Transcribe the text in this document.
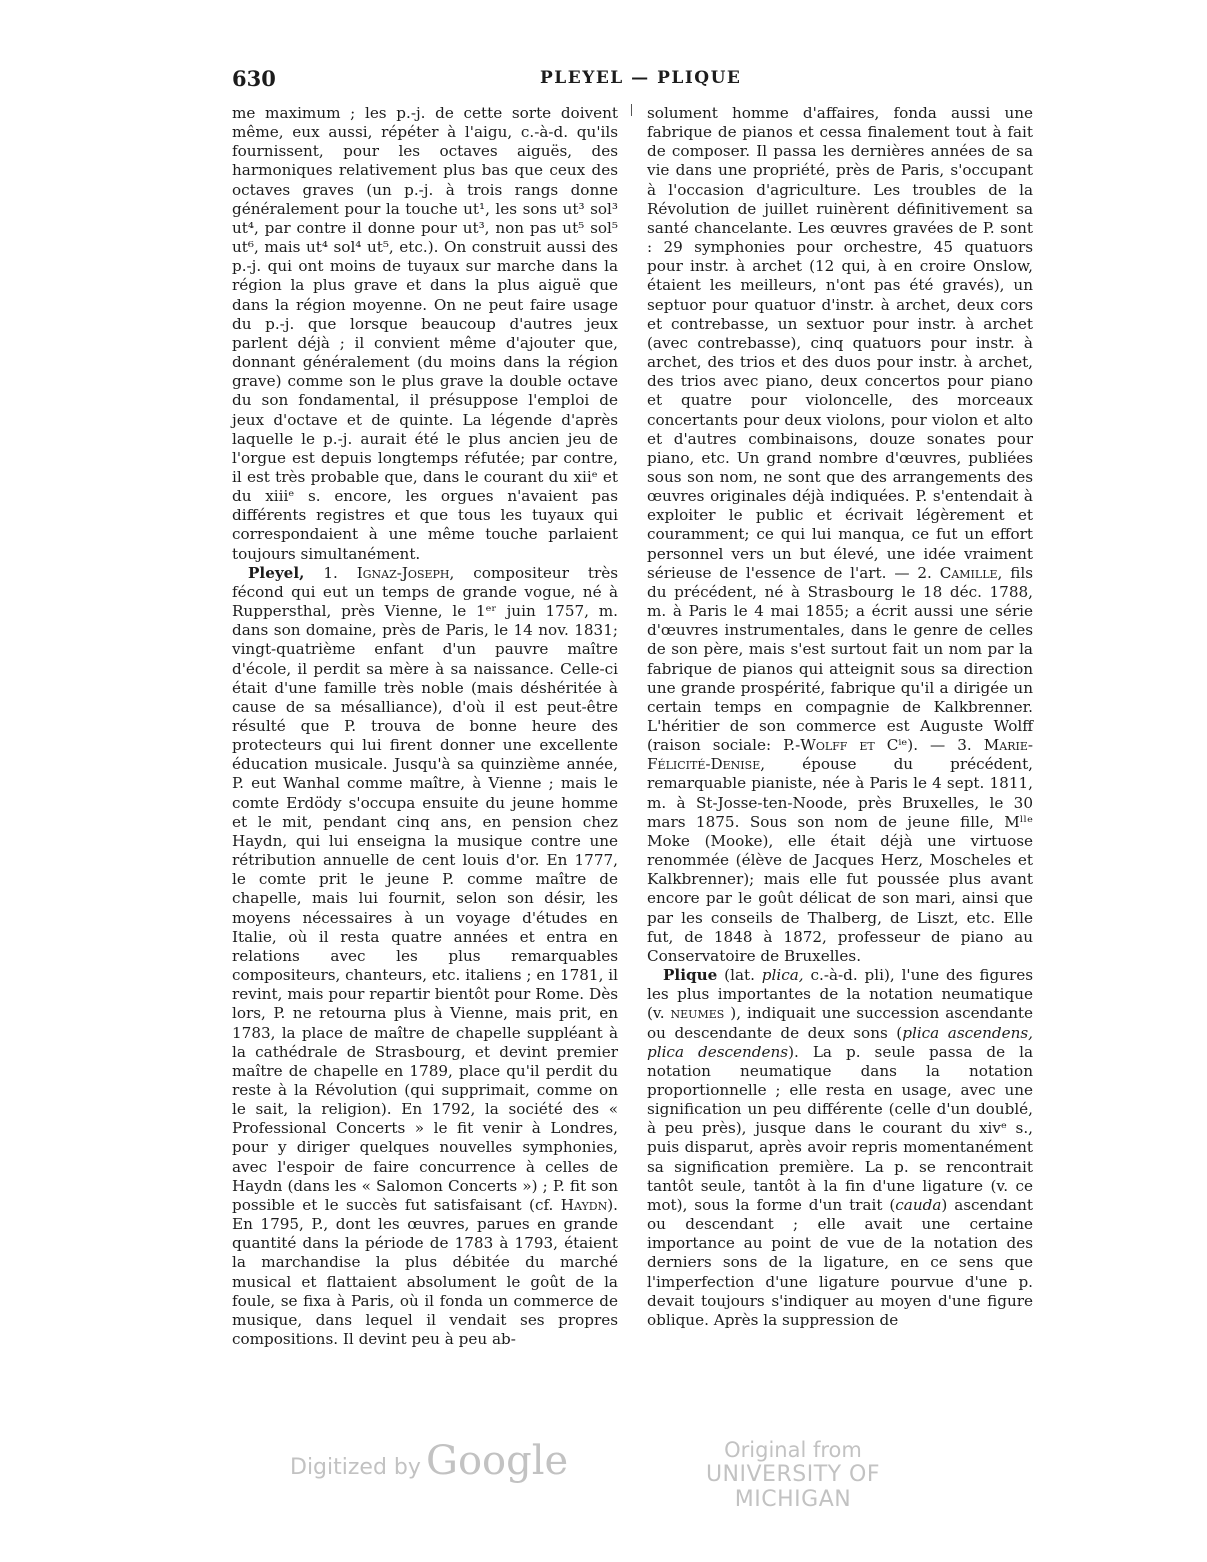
630	PLEYEL — PLIQUE

me maximum ; les p.-j. de cette sorte doivent même, eux aussi, répéter à l'aigu, c.-à-d. qu'ils fournissent, pour les octaves aiguës, des harmoniques relativement plus bas que ceux des octaves graves (un p.-j. à trois rangs donne généralement pour la touche ut¹, les sons ut³ sol³ ut⁴, par contre il donne pour ut³, non pas ut⁵ sol⁵ ut⁶, mais ut⁴ sol⁴ ut⁵, etc.). On construit aussi des p.-j. qui ont moins de tuyaux sur marche dans la région la plus grave et dans la plus aiguë que dans la région moyenne. On ne peut faire usage du p.-j. que lorsque beaucoup d'autres jeux parlent déjà ; il convient même d'ajouter que, donnant généralement (du moins dans la région grave) comme son le plus grave la double octave du son fondamental, il présuppose l'emploi de jeux d'octave et de quinte. La légende d'après laquelle le p.-j. aurait été le plus ancien jeu de l'orgue est depuis longtemps réfutée; par contre, il est très probable que, dans le courant du xiiᵉ et du xiiiᵉ s. encore, les orgues n'avaient pas différents registres et que tous les tuyaux qui correspondaient à une même touche parlaient toujours simultanément.

Pleyel, 1. Ignaz-Joseph, compositeur très fécond qui eut un temps de grande vogue, né à Ruppersthal, près Vienne, le 1ᵉʳ juin 1757, m. dans son domaine, près de Paris, le 14 nov. 1831; vingt-quatrième enfant d'un pauvre maître d'école, il perdit sa mère à sa naissance. Celle-ci était d'une famille très noble (mais déshéritée à cause de sa mésalliance), d'où il est peut-être résulté que P. trouva de bonne heure des protecteurs qui lui firent donner une excellente éducation musicale. Jusqu'à sa quinzième année, P. eut Wanhal comme maître, à Vienne ; mais le comte Erdödy s'occupa ensuite du jeune homme et le mit, pendant cinq ans, en pension chez Haydn, qui lui enseigna la musique contre une rétribution annuelle de cent louis d'or. En 1777, le comte prit le jeune P. comme maître de chapelle, mais lui fournit, selon son désir, les moyens nécessaires à un voyage d'études en Italie, où il resta quatre années et entra en relations avec les plus remarquables compositeurs, chanteurs, etc. italiens ; en 1781, il revint, mais pour repartir bientôt pour Rome. Dès lors, P. ne retourna plus à Vienne, mais prit, en 1783, la place de maître de chapelle suppléant à la cathédrale de Strasbourg, et devint premier maître de chapelle en 1789, place qu'il perdit du reste à la Révolution (qui supprimait, comme on le sait, la religion). En 1792, la société des « Professional Concerts » le fit venir à Londres, pour y diriger quelques nouvelles symphonies, avec l'espoir de faire concurrence à celles de Haydn (dans les « Salomon Concerts ») ; P. fit son possible et le succès fut satisfaisant (cf. Haydn). En 1795, P., dont les œuvres, parues en grande quantité dans la période de 1783 à 1793, étaient la marchandise la plus débitée du marché musical et flattaient absolument le goût de la foule, se fixa à Paris, où il fonda un commerce de musique, dans lequel il vendait ses propres compositions. Il devint peu à peu ab-

solument homme d'affaires, fonda aussi une fabrique de pianos et cessa finalement tout à fait de composer. Il passa les dernières années de sa vie dans une propriété, près de Paris, s'occupant à l'occasion d'agriculture. Les troubles de la Révolution de juillet ruinèrent définitivement sa santé chancelante. Les œuvres gravées de P. sont : 29 symphonies pour orchestre, 45 quatuors pour instr. à archet (12 qui, à en croire Onslow, étaient les meilleurs, n'ont pas été gravés), un septuor pour quatuor d'instr. à archet, deux cors et contrebasse, un sextuor pour instr. à archet (avec contrebasse), cinq quatuors pour instr. à archet, des trios et des duos pour instr. à archet, des trios avec piano, deux concertos pour piano et quatre pour violoncelle, des morceaux concertants pour deux violons, pour violon et alto et d'autres combinaisons, douze sonates pour piano, etc. Un grand nombre d'œuvres, publiées sous son nom, ne sont que des arrangements des œuvres originales déjà indiquées. P. s'entendait à exploiter le public et écrivait légèrement et couramment; ce qui lui manqua, ce fut un effort personnel vers un but élevé, une idée vraiment sérieuse de l'essence de l'art. — 2. Camille, fils du précédent, né à Strasbourg le 18 déc. 1788, m. à Paris le 4 mai 1855; a écrit aussi une série d'œuvres instrumentales, dans le genre de celles de son père, mais s'est surtout fait un nom par la fabrique de pianos qui atteignit sous sa direction une grande prospérité, fabrique qu'il a dirigée un certain temps en compagnie de Kalkbrenner. L'héritier de son commerce est Auguste Wolff (raison sociale: P.-Wolff et Cⁱᵉ). — 3. Marie-Félicité-Denise, épouse du précédent, remarquable pianiste, née à Paris le 4 sept. 1811, m. à St-Josse-ten-Noode, près Bruxelles, le 30 mars 1875. Sous son nom de jeune fille, Mˡˡᵉ Moke (Mooke), elle était déjà une virtuose renommée (élève de Jacques Herz, Moscheles et Kalkbrenner); mais elle fut poussée plus avant encore par le goût délicat de son mari, ainsi que par les conseils de Thalberg, de Liszt, etc. Elle fut, de 1848 à 1872, professeur de piano au Conservatoire de Bruxelles.

Plique (lat. plica, c.-à-d. pli), l'une des figures les plus importantes de la notation neumatique (v. neumes ), indiquait une succession ascendante ou descendante de deux sons (plica ascendens, plica descendens). La p. seule passa de la notation neumatique dans la notation proportionnelle ; elle resta en usage, avec une signification un peu différente (celle d'un doublé, à peu près), jusque dans le courant du xivᵉ s., puis disparut, après avoir repris momentanément sa signification première. La p. se rencontrait tantôt seule, tantôt à la fin d'une ligature (v. ce mot), sous la forme d'un trait (cauda) ascendant ou descendant ; elle avait une certaine importance au point de vue de la notation des derniers sons de la ligature, en ce sens que l'imperfection d'une ligature pourvue d'une p. devait toujours s'indiquer au moyen d'une figure oblique. Après la suppression de

Digitized by Google	Original from
UNIVERSITY OF MICHIGAN
